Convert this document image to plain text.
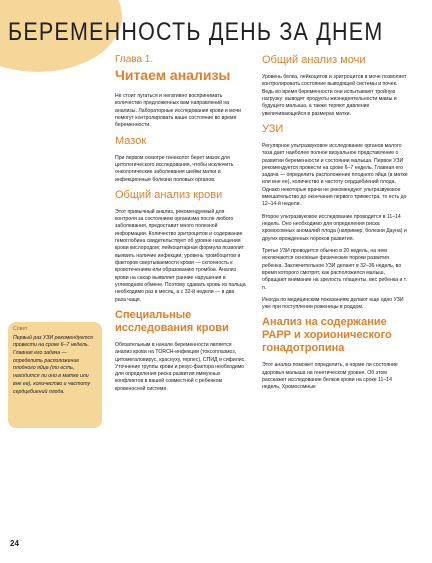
БЕРЕМЕННОСТЬ ДЕНЬ ЗА ДНЕМ
Глава 1.
Читаем анализы

Не стоит пугаться и негативно воспринимать количество предложенных вам направлений на анализы. Лабораторные исследования крови и мочи помогут контролировать ваше состояние во время беременности.

Мазок

При первом осмотре гинеколог берет мазок для цитологического исследования, чтобы исключить онкологические заболевания шейки матки и инфекционные болезни половых органов.

Общий анализ крови

Этот привычный анализ, рекомендуемый для контроля за состоянием организма после любого заболевания, предоставит много полезной информации. Количество эритроцитов и содержание гемоглобина свидетельствует об уровне насыщения крови кислородом; лейкоцитарная формула позволит выявить наличие инфекции; уровень тромбоцитов и факторов свертываемости крови — склонность к кровотечениям или образованию тромбов. Анализ крови на сахар выявляет ранние нарушения в углеводном обмене. Поэтому сдавать кровь из пальца необходимо раз в месяц, а с 32-й недели — в два раза чаще.

Специальные исследования крови

Обязательным в начале беременности является анализ крови на TORCH-инфекции (токсоплазмоз, цитомегаловирус, краснуху, герпес), СПИД и сифилис. Уточнение группы крови и резус-фактора необходимо для определения риска развития иммунных конфликтов в вашей совместной с ребенком кровеносной системе.

Общий анализ мочи

Уровень белка, лейкоцитов и эритроцитов в моче позволяет контролировать состояние выводящей системы и почек. Ведь во время беременности они испытывают тройную нагрузку: выводят продукты жизнедеятельности мамы и будущего малыша, а также теряют давление увеличивающейся в размерах матки.

УЗИ

Регулярное ультразвуковое исследование органов малого таза дает наиболее полное визуальное представление о развитии беременности и состоянии малыша. Первое УЗИ рекомендуется провести на сроке 6–7 недель. Главная его задача — определить расположение плодного яйца (в матке или вне ее), количество и частоту сердцебиений плода. Однако некоторые врачи не рекомендуют ультразвуковое вмешательство до окончания первого триместра, то есть до 12–14-й недели.

Второе ультразвуковое исследование проводится в 11–14 недель. Оно необходимо для определения риска хромосомных аномалий плода (например, болезни Дауна) и других врожденных пороков развития.

Третье УЗИ проводится обычно в 20 недель, на нем исключаются основные физические пороки развития ребенка. Заключительное УЗИ делают в 32–36 недель, во время которого смотрят, как расположился малыш, обращают внимание на зрелость плаценты, вес ребенка и т. п.

Иногда по медицинским показаниям делают еще одно УЗИ уже при поступлении роженицы в роддом.

Анализ на содержание РАРР и хорионического гонадотропина

Этот анализ поможет определить, в норме ли состояние здоровья малыша на генетическом уровне. Об этом расскажет исследование белков крови на сроке 11–14 недель. Хромосомные

Совет
Первый раз УЗИ рекомендуется провести на сроке 6–7 недель. Главная его задача — определить расположение плодного яйца (то есть, находится ли оно в матке или вне ее), количество и частоту сердцебиений плода.
24
